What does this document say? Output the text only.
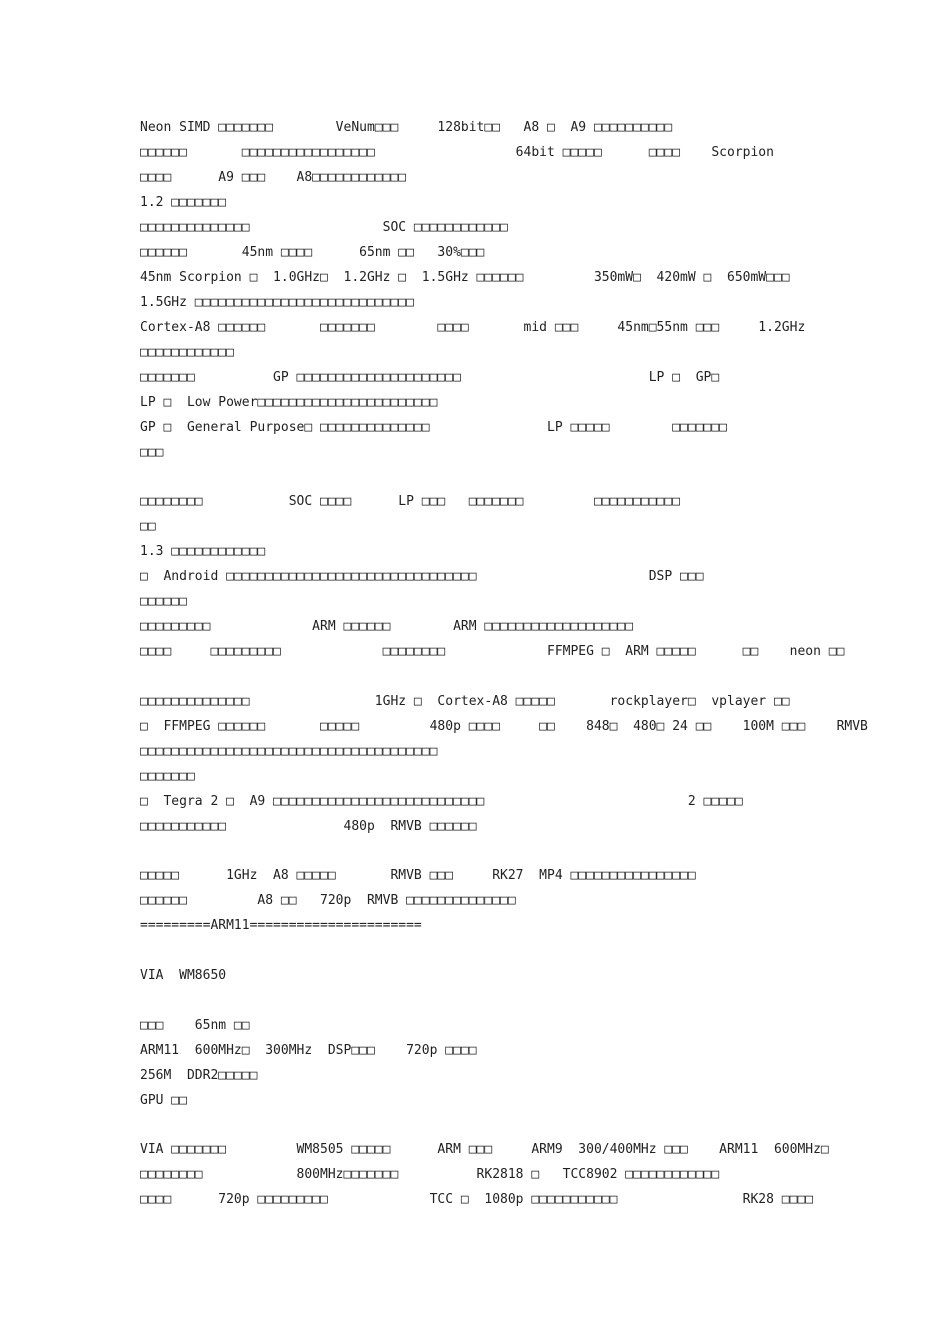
Neon SIMD □□□□□□□        VeNum□□□     128bit□□   A8 □  A9 □□□□□□□□□□
□□□□□□       □□□□□□□□□□□□□□□□□                  64bit □□□□□      □□□□    Scorpion
□□□□      A9 □□□    A8□□□□□□□□□□□□
1.2 □□□□□□□
□□□□□□□□□□□□□□                 SOC □□□□□□□□□□□□
□□□□□□       45nm □□□□      65nm □□   30%□□□
45nm Scorpion □  1.0GHz□  1.2GHz □  1.5GHz □□□□□□         350mW□  420mW □  650mW□□□
1.5GHz □□□□□□□□□□□□□□□□□□□□□□□□□□□□
Cortex-A8 □□□□□□       □□□□□□□        □□□□       mid □□□     45nm□55nm □□□     1.2GHz
□□□□□□□□□□□□
□□□□□□□          GP □□□□□□□□□□□□□□□□□□□□□                        LP □  GP□
LP □  Low Power□□□□□□□□□□□□□□□□□□□□□□□
GP □  General Purpose□ □□□□□□□□□□□□□□               LP □□□□□        □□□□□□□
□□□
□□□□□□□□           SOC □□□□      LP □□□   □□□□□□□         □□□□□□□□□□□
□□
1.3 □□□□□□□□□□□□
□  Android □□□□□□□□□□□□□□□□□□□□□□□□□□□□□□□□                      DSP □□□
□□□□□□
□□□□□□□□□             ARM □□□□□□        ARM □□□□□□□□□□□□□□□□□□□
□□□□     □□□□□□□□□             □□□□□□□□             FFMPEG □  ARM □□□□□      □□    neon □□
□□□□□□□□□□□□□□                1GHz □  Cortex-A8 □□□□□       rockplayer□  vplayer □□
□  FFMPEG □□□□□□       □□□□□         480p □□□□     □□    848□  480□ 24 □□    100M □□□    RMVB
□□□□□□□□□□□□□□□□□□□□□□□□□□□□□□□□□□□□□□
□□□□□□□
□  Tegra 2 □  A9 □□□□□□□□□□□□□□□□□□□□□□□□□□□                          2 □□□□□
□□□□□□□□□□□               480p  RMVB □□□□□□
□□□□□      1GHz  A8 □□□□□       RMVB □□□     RK27  MP4 □□□□□□□□□□□□□□□□
□□□□□□         A8 □□   720p  RMVB □□□□□□□□□□□□□□
=========ARM11======================
VIA  WM8650
□□□    65nm □□
ARM11  600MHz□  300MHz  DSP□□□    720p □□□□
256M  DDR2□□□□□
GPU □□
VIA □□□□□□□         WM8505 □□□□□      ARM □□□     ARM9  300/400MHz □□□    ARM11  600MHz□
□□□□□□□□            800MHz□□□□□□□          RK2818 □   TCC8902 □□□□□□□□□□□□
□□□□      720p □□□□□□□□□             TCC □  1080p □□□□□□□□□□□                RK28 □□□□
